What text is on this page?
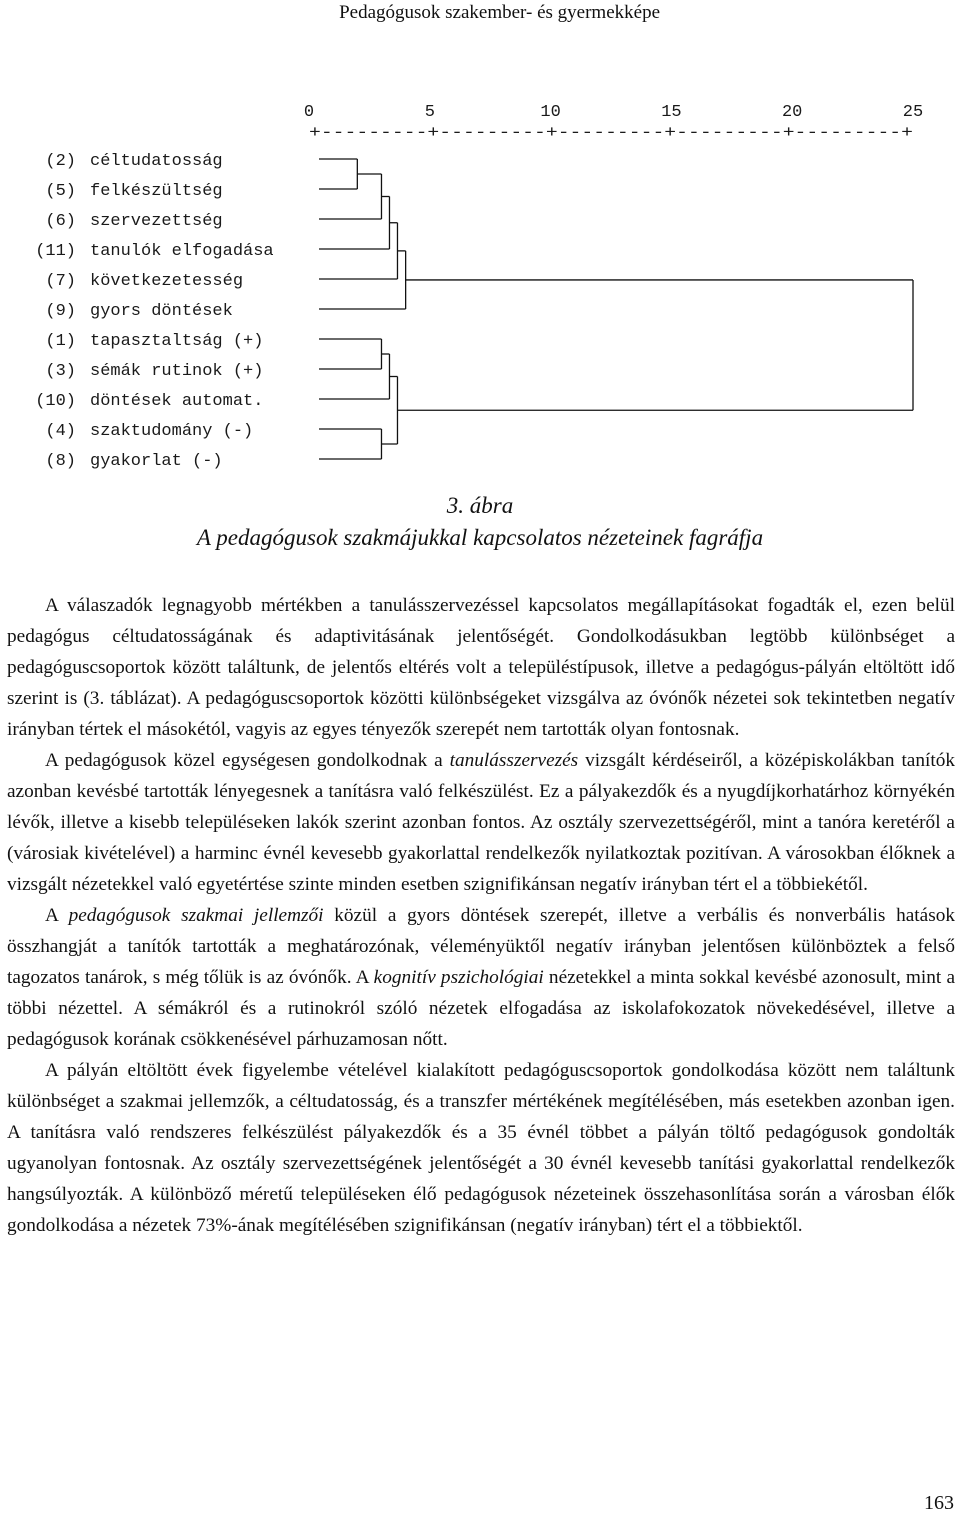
Pedagógusok szakember- és gyermekképe
0	5	10	15	20	25
+---------+---------+---------+---------+---------+
(2) céltudatosság
(5) felkészültség
(6) szervezettség
(11) tanulók elfogadása
(7) következetesség
(9) gyors döntések
(1) tapasztaltság (+)
(3) sémák rutinok (+)
(10) döntések automat.
(4) szaktudomány (-)
(8) gyakorlat (-)
3. ábra
A pedagógusok szakmájukkal kapcsolatos nézeteinek fagráfja

A válaszadók legnagyobb mértékben a tanulásszervezéssel kapcsolatos megállapításokat fogadták el, ezen belül pedagógus céltudatosságának és adaptivitásának jelentőségét. Gondolkodásukban legtöbb különbséget a pedagóguscsoportok között találtunk, de jelentős eltérés volt a településtípusok, illetve a pedagógus-pályán eltöltött idő szerint is (3. táblázat). A pedagóguscsoportok közötti különbségeket vizsgálva az óvónők nézetei sok tekintetben negatív irányban tértek el másokétól, vagyis az egyes tényezők szerepét nem tartották olyan fontosnak.

A pedagógusok közel egységesen gondolkodnak a tanulásszervezés vizsgált kérdéseiről, a középiskolákban tanítók azonban kevésbé tartották lényegesnek a tanításra való felkészülést. Ez a pályakezdők és a nyugdíjkorhatárhoz környékén lévők, illetve a kisebb településeken lakók szerint azonban fontos. Az osztály szervezettségéről, mint a tanóra keretéről a (városiak kivételével) a harminc évnél kevesebb gyakorlattal rendelkezők nyilatkoztak pozitívan. A városokban élőknek a vizsgált nézetekkel való egyetértése szinte minden esetben szignifikánsan negatív irányban tért el a többiekétől.

A pedagógusok szakmai jellemzői közül a gyors döntések szerepét, illetve a verbális és nonverbális hatások összhangját a tanítók tartották a meghatározónak, véleményüktől negatív irányban jelentősen különböztek a felső tagozatos tanárok, s még tőlük is az óvónők. A kognitív pszichológiai nézetekkel a minta sokkal kevésbé azonosult, mint a többi nézettel. A sémákról és a rutinokról szóló nézetek elfogadása az iskolafokozatok növekedésével, illetve a pedagógusok korának csökkenésével párhuzamosan nőtt.

A pályán eltöltött évek figyelembe vételével kialakított pedagóguscsoportok gondolkodása között nem találtunk különbséget a szakmai jellemzők, a céltudatosság, és a transzfer mértékének megítélésében, más esetekben azonban igen. A tanításra való rendszeres felkészülést pályakezdők és a 35 évnél többet a pályán töltő pedagógusok gondolták ugyanolyan fontosnak. Az osztály szervezettségének jelentőségét a 30 évnél kevesebb tanítási gyakorlattal rendelkezők hangsúlyozták. A különböző méretű településeken élő pedagógusok nézeteinek összehasonlítása során a városban élők gondolkodása a nézetek 73%-ának megítélésében szignifikánsan (negatív irányban) tért el a többiektől.

163
